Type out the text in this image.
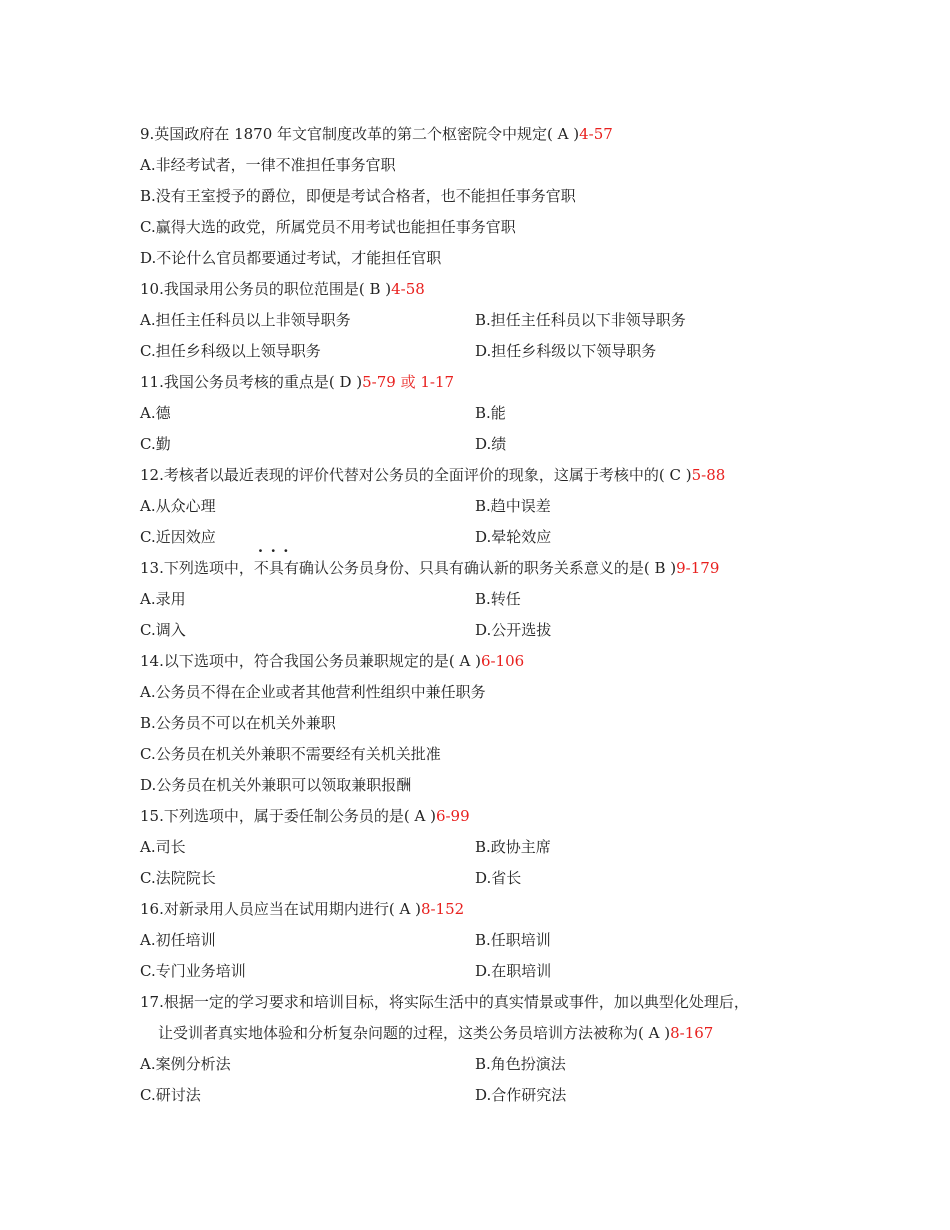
9.英国政府在 1870 年文官制度改革的第二个枢密院令中规定( A )4-57
A.非经考试者，一律不准担任事务官职
B.没有王室授予的爵位，即便是考试合格者，也不能担任事务官职
C.赢得大选的政党，所属党员不用考试也能担任事务官职
D.不论什么官员都要通过考试，才能担任官职
10.我国录用公务员的职位范围是( B )4-58
A.担任主任科员以上非领导职务	B.担任主任科员以下非领导职务
C.担任乡科级以上领导职务	D.担任乡科级以下领导职务
11.我国公务员考核的重点是( D )5-79 或 1-17
A.德	B.能
C.勤	D.绩
12.考核者以最近表现的评价代替对公务员的全面评价的现象，这属于考核中的( C )5-88
A.从众心理	B.趋中误差
C.近因效应	D.晕轮效应
13.下列选项中，· · · 不具有确认公务员身份、只具有确认新的职务关系意义的是( B )9-179
A.录用	B.转任
C.调入	D.公开选拔
14.以下选项中，符合我国公务员兼职规定的是( A )6-106
A.公务员不得在企业或者其他营利性组织中兼任职务
B.公务员不可以在机关外兼职
C.公务员在机关外兼职不需要经有关机关批准
D.公务员在机关外兼职可以领取兼职报酬
15.下列选项中，属于委任制公务员的是( A )6-99
A.司长	B.政协主席
C.法院院长	D.省长
16.对新录用人员应当在试用期内进行( A )8-152
A.初任培训	B.任职培训
C.专门业务培训	D.在职培训
17.根据一定的学习要求和培训目标，将实际生活中的真实情景或事件，加以典型化处理后，
让受训者真实地体验和分析复杂问题的过程，这类公务员培训方法被称为( A )8-167
A.案例分析法	B.角色扮演法
C.研讨法	D.合作研究法
